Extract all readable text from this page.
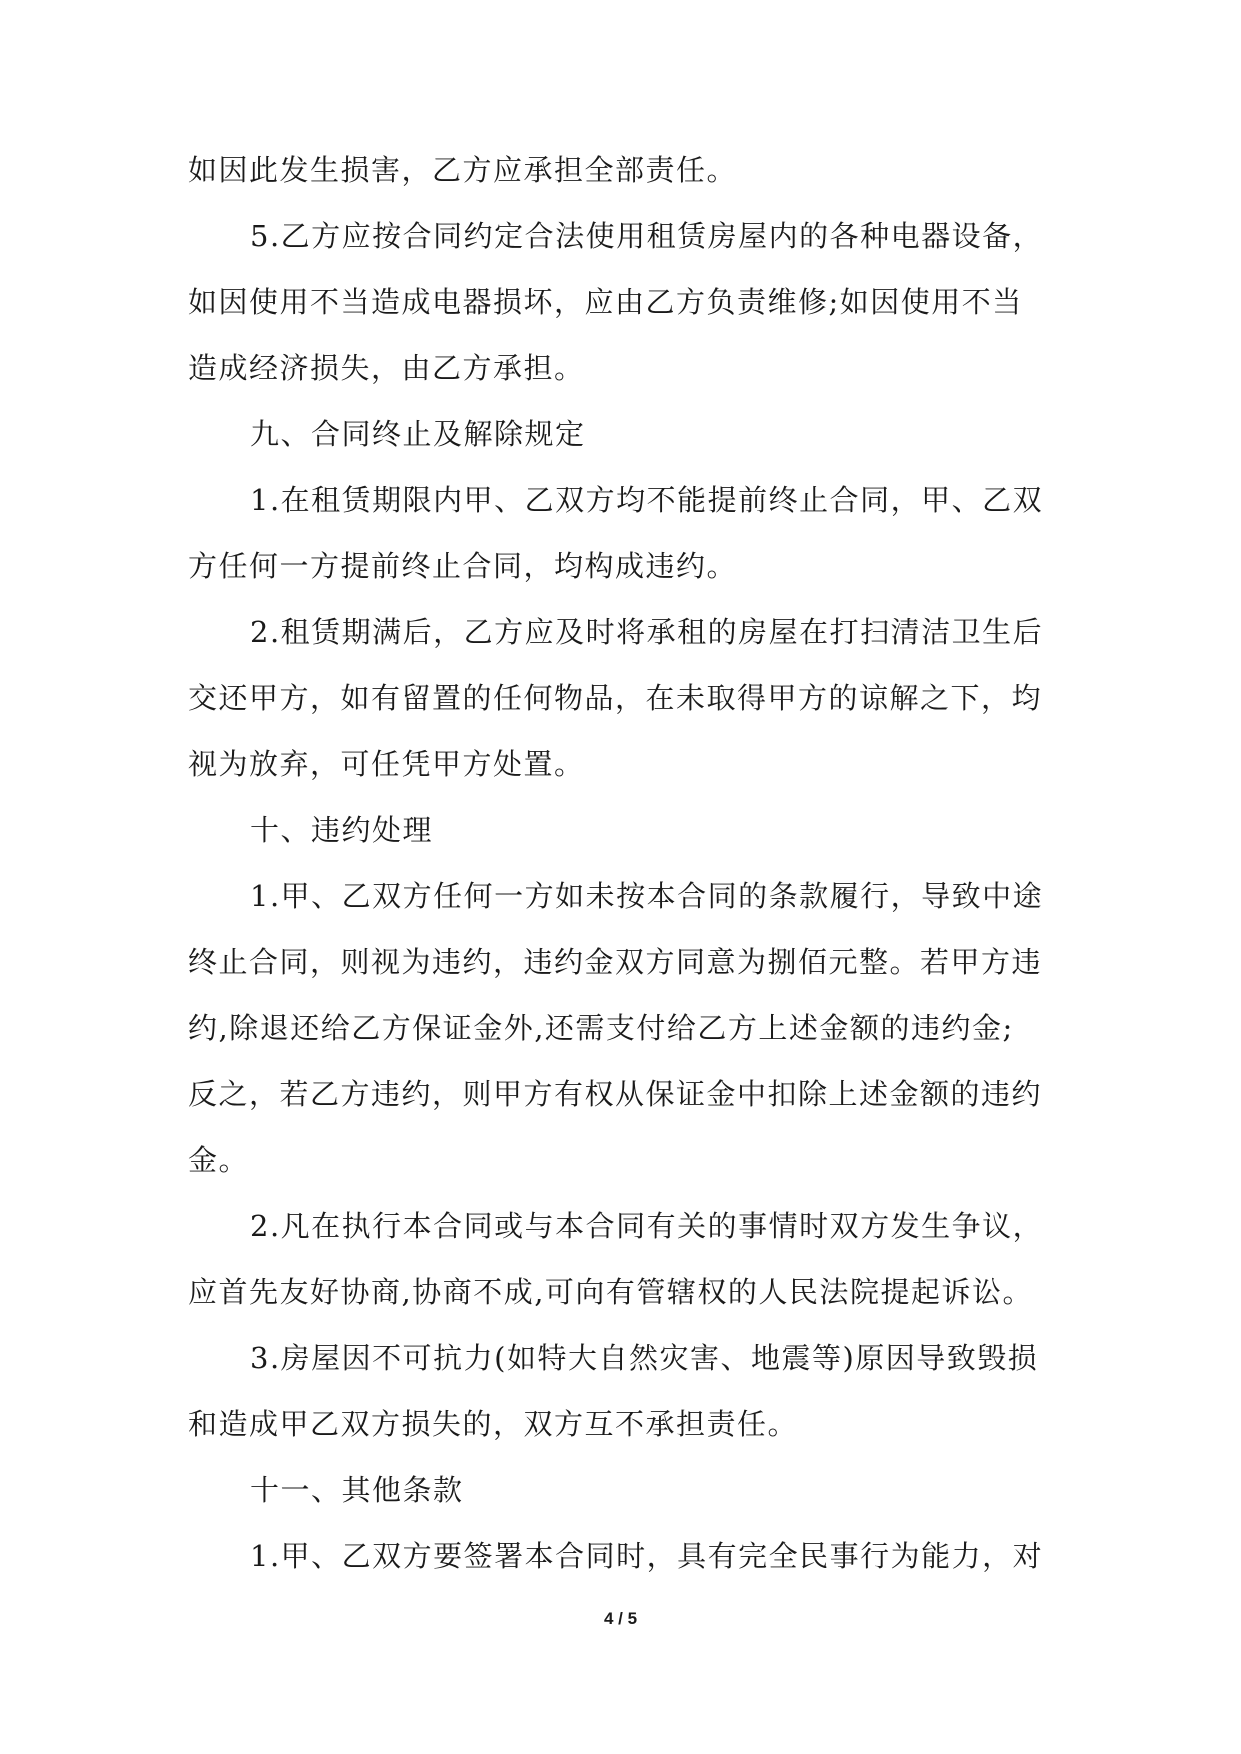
如因此发生损害，乙方应承担全部责任。
5.乙方应按合同约定合法使用租赁房屋内的各种电器设备，
如因使用不当造成电器损坏，应由乙方负责维修;如因使用不当
造成经济损失，由乙方承担。
九、合同终止及解除规定
1.在租赁期限内甲、乙双方均不能提前终止合同，甲、乙双
方任何一方提前终止合同，均构成违约。
2.租赁期满后，乙方应及时将承租的房屋在打扫清洁卫生后
交还甲方，如有留置的任何物品，在未取得甲方的谅解之下，均
视为放弃，可任凭甲方处置。
十、违约处理
1.甲、乙双方任何一方如未按本合同的条款履行，导致中途
终止合同，则视为违约，违约金双方同意为捌佰元整。若甲方违
约,除退还给乙方保证金外,还需支付给乙方上述金额的违约金;
反之，若乙方违约，则甲方有权从保证金中扣除上述金额的违约
金。
2.凡在执行本合同或与本合同有关的事情时双方发生争议，
应首先友好协商,协商不成,可向有管辖权的人民法院提起诉讼。
3.房屋因不可抗力(如特大自然灾害、地震等)原因导致毁损
和造成甲乙双方损失的，双方互不承担责任。
十一、其他条款
1.甲、乙双方要签署本合同时，具有完全民事行为能力，对
4 / 5
